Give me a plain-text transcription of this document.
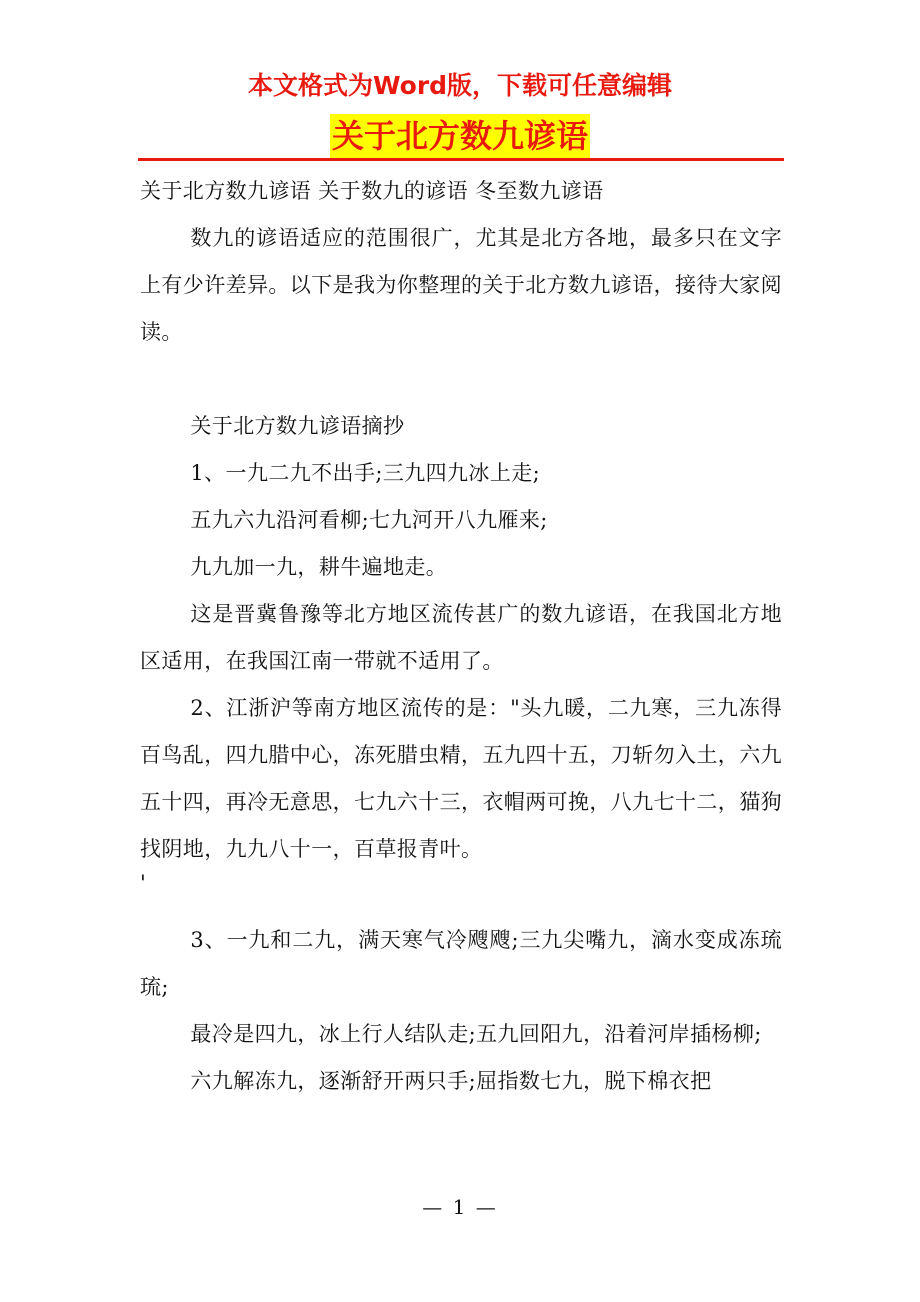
本文格式为Word版，下载可任意编辑
关于北方数九谚语

关于北方数九谚语 关于数九的谚语 冬至数九谚语

数九的谚语适应的范围很广，尤其是北方各地，最多只在文字上有少许差异。以下是我为你整理的关于北方数九谚语，接待大家阅读。

关于北方数九谚语摘抄

1、一九二九不出手;三九四九冰上走;

五九六九沿河看柳;七九河开八九雁来;

九九加一九，耕牛遍地走。

这是晋冀鲁豫等北方地区流传甚广的数九谚语，在我国北方地区适用，在我国江南一带就不适用了。

2、江浙沪等南方地区流传的是："头九暖，二九寒，三九冻得百鸟乱，四九腊中心，冻死腊虫精，五九四十五，刀斩勿入土，六九五十四，再冷无意思，七九六十三，衣帽两可挽，八九七十二，猫狗找阴地，九九八十一，百草报青叶。

'

3、一九和二九，满天寒气冷飕飕;三九尖嘴九，滴水变成冻琉琉;

最冷是四九，冰上行人结队走;五九回阳九，沿着河岸插杨柳;

六九解冻九，逐渐舒开两只手;屈指数七九，脱下棉衣把

— 1 —
